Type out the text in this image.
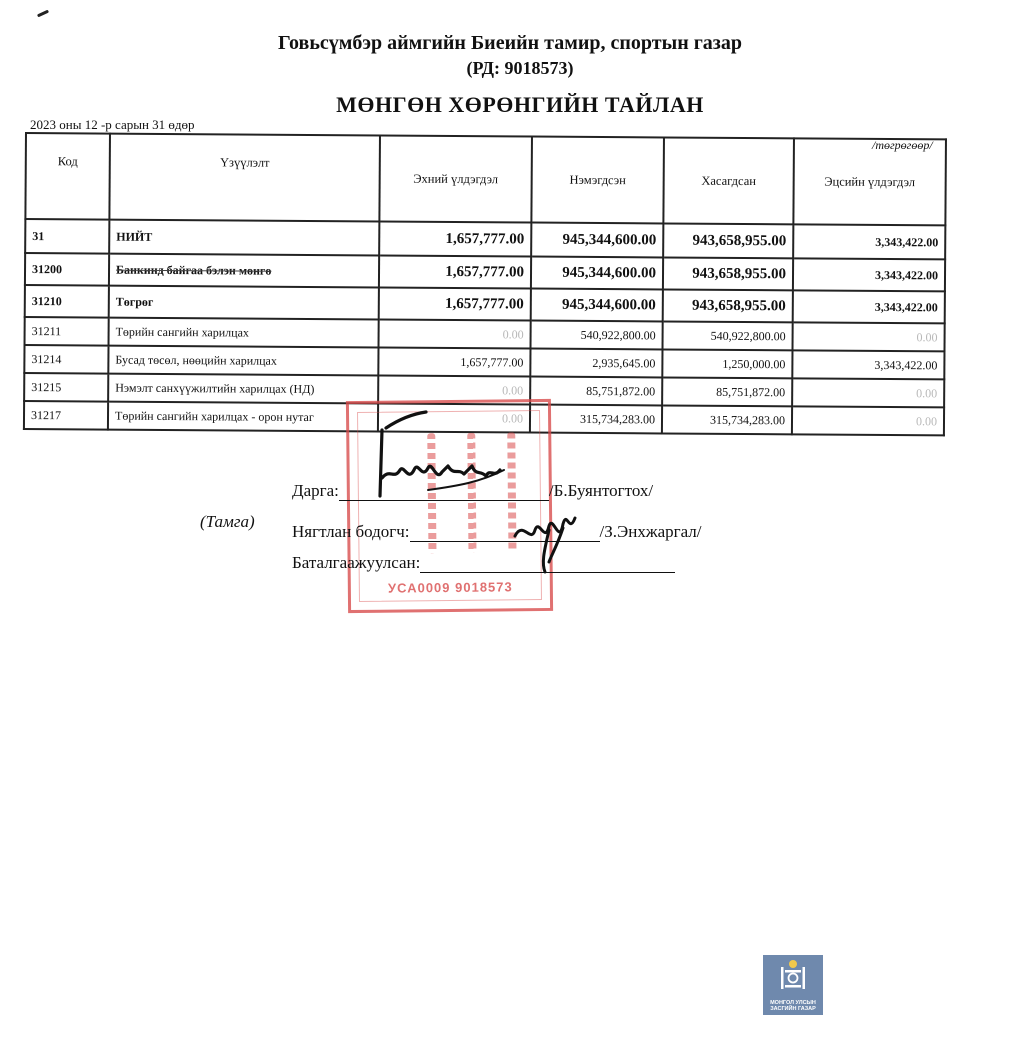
Говьсүмбэр аймгийн Биеийн тамир, спортын газар
(РД: 9018573)
МӨНГӨН ХӨРӨНГИЙН ТАЙЛАН
2023 оны 12 -р сарын 31 өдөр
/төгрөгөөр/
Код	Үзүүлэлт	Эхний үлдэгдэл	Нэмэгдсэн	Хасагдсан	Эцсийн үлдэгдэл
31	НИЙТ	1,657,777.00	945,344,600.00	943,658,955.00	3,343,422.00
31200	Банкинд байгаа бэлэн мөнгө	1,657,777.00	945,344,600.00	943,658,955.00	3,343,422.00
31210	Төгрөг	1,657,777.00	945,344,600.00	943,658,955.00	3,343,422.00
31211	Төрийн сангийн харилцах	0.00	540,922,800.00	540,922,800.00	0.00
31214	Бусад төсөл, нөөцийн харилцах	1,657,777.00	2,935,645.00	1,250,000.00	3,343,422.00
31215	Нэмэлт санхүүжилтийн харилцах (НД)	0.00	85,751,872.00	85,751,872.00	0.00
31217	Төрийн сангийн харилцах - орон нутаг	0.00	315,734,283.00	315,734,283.00	0.00
УСА0009 9018573
Дарга:	/Б.Буянтогтох/
(Тамга)
Нягтлан бодогч:	/З.Энхжаргал/
Баталгаажуулсан:
МОНГОЛ УЛСЫН
ЗАСГИЙН ГАЗАР
